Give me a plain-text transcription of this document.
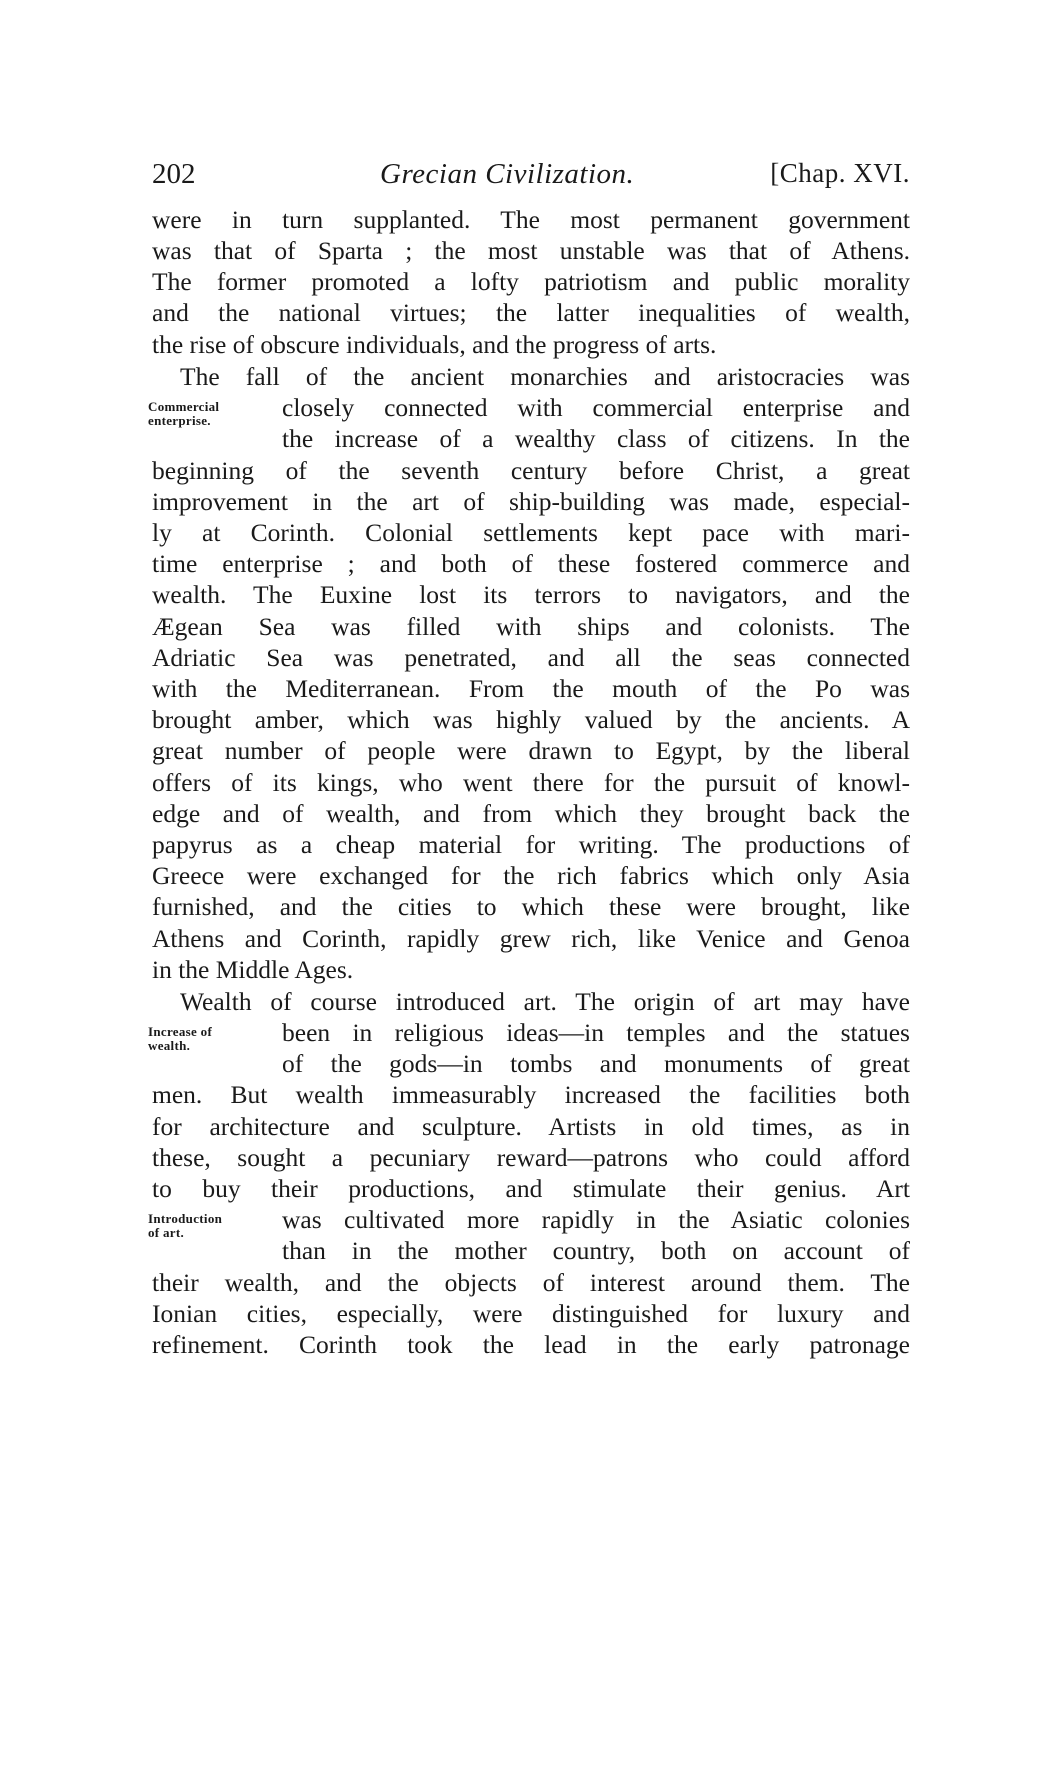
202	Grecian Civilization.	[Chap. XVI.
were in turn supplanted. The most permanent government
was that of Sparta ; the most unstable was that of Athens.
The former promoted a lofty patriotism and public morality
and the national virtues; the latter inequalities of wealth,
the rise of obscure individuals, and the progress of arts.
The fall of the ancient monarchies and aristocracies was
closely connected with commercial enterprise and
the increase of a wealthy class of citizens. In the
beginning of the seventh century before Christ, a great
improvement in the art of ship-building was made, especial-
ly at Corinth. Colonial settlements kept pace with mari-
time enterprise ; and both of these fostered commerce and
wealth. The Euxine lost its terrors to navigators, and the
Ægean Sea was filled with ships and colonists. The
Adriatic Sea was penetrated, and all the seas connected
with the Mediterranean. From the mouth of the Po was
brought amber, which was highly valued by the ancients. A
great number of people were drawn to Egypt, by the liberal
offers of its kings, who went there for the pursuit of knowl-
edge and of wealth, and from which they brought back the
papyrus as a cheap material for writing. The productions of
Greece were exchanged for the rich fabrics which only Asia
furnished, and the cities to which these were brought, like
Athens and Corinth, rapidly grew rich, like Venice and Genoa
in the Middle Ages.
Wealth of course introduced art. The origin of art may have
been in religious ideas—in temples and the statues
of the gods—in tombs and monuments of great
men. But wealth immeasurably increased the facilities both
for architecture and sculpture. Artists in old times, as in
these, sought a pecuniary reward—patrons who could afford
to buy their productions, and stimulate their genius. Art
was cultivated more rapidly in the Asiatic colonies
than in the mother country, both on account of
their wealth, and the objects of interest around them. The
Ionian cities, especially, were distinguished for luxury and
refinement. Corinth took the lead in the early patronage
Commercial
enterprise.
Increase of
wealth.
Introduction
of art.
